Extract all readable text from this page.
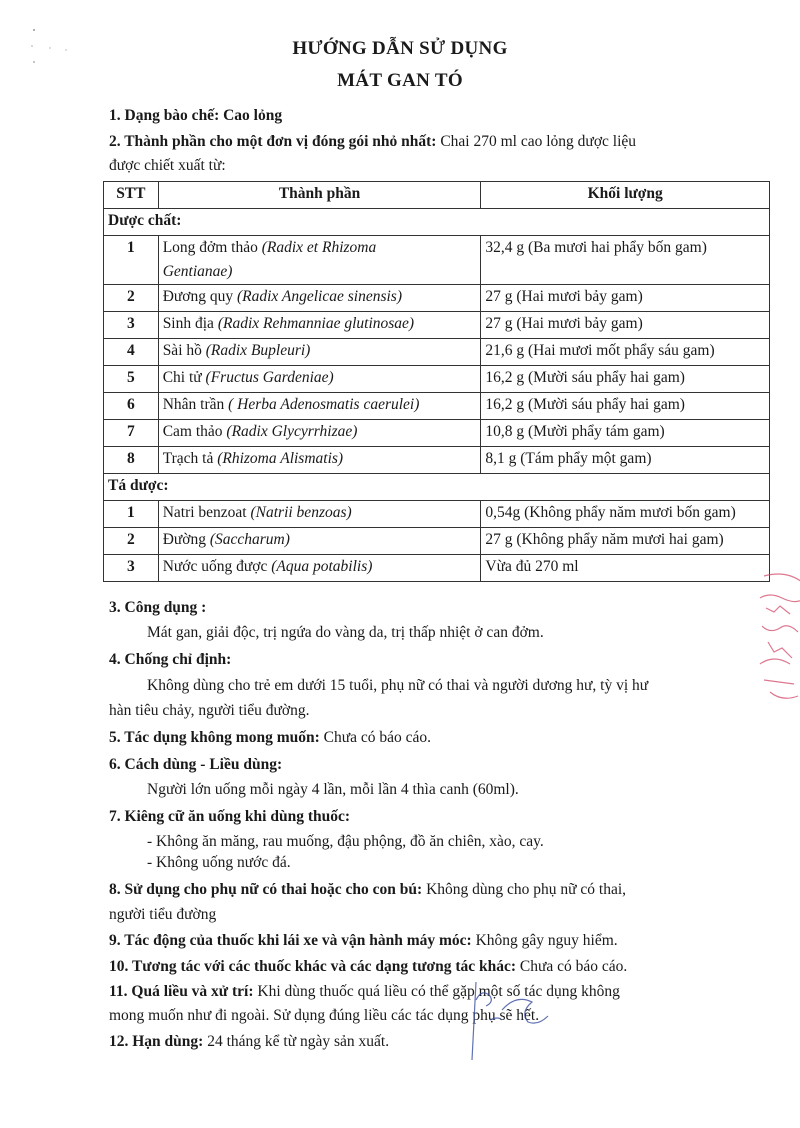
HƯỚNG DẪN SỬ DỤNG
MÁT GAN TÓ
1. Dạng bào chế: Cao lỏng
2. Thành phần cho một đơn vị đóng gói nhỏ nhất: Chai 270 ml cao lỏng dược liệu
được chiết xuất từ:
STT	Thành phần	Khối lượng
Dược chất:		
1	Long đởm thảo (Radix et Rhizoma
Gentianae)	32,4 g (Ba mươi hai phẩy bốn gam)
2	Đương quy (Radix Angelicae sinensis)	27 g (Hai mươi bảy gam)
3	Sinh địa (Radix Rehmanniae glutinosae)	27 g (Hai mươi bảy gam)
4	Sài hồ (Radix Bupleuri)	21,6 g (Hai mươi mốt phẩy sáu gam)
5	Chi tử (Fructus Gardeniae)	16,2 g (Mười sáu phẩy hai gam)
6	Nhân trần ( Herba Adenosmatis caerulei)	16,2 g (Mười sáu phẩy hai gam)
7	Cam thảo (Radix Glycyrrhizae)	10,8 g (Mười phẩy tám gam)
8	Trạch tả (Rhizoma Alismatis)	8,1 g (Tám phẩy một gam)
Tá dược:		
1	Natri benzoat (Natrii benzoas)	0,54g (Không phẩy năm mươi bốn gam)
2	Đường (Saccharum)	27 g (Không phẩy năm mươi hai gam)
3	Nước uống được (Aqua potabilis)	Vừa đủ 270 ml
3. Công dụng :
Mát gan, giải độc, trị ngứa do vàng da, trị thấp nhiệt ở can đởm.
4. Chống chỉ định:
Không dùng cho trẻ em dưới 15 tuổi, phụ nữ có thai và người dương hư, tỳ vị hư
hàn tiêu chảy, người tiểu đường.
5. Tác dụng không mong muốn: Chưa có báo cáo.
6. Cách dùng - Liều dùng:
Người lớn uống mỗi ngày 4 lần, mỗi lần 4 thìa canh (60ml).
7. Kiêng cữ ăn uống khi dùng thuốc:
- Không ăn măng, rau muống, đậu phộng, đồ ăn chiên, xào, cay.
- Không uống nước đá.
8. Sử dụng cho phụ nữ có thai hoặc cho con bú: Không dùng cho phụ nữ có thai,
người tiểu đường
9. Tác động của thuốc khi lái xe và vận hành máy móc: Không gây nguy hiểm.
10. Tương tác với các thuốc khác và các dạng tương tác khác: Chưa có báo cáo.
11. Quá liều và xử trí: Khi dùng thuốc quá liều có thể gặp một số tác dụng không
mong muốn như đi ngoài. Sử dụng đúng liều các tác dụng phụ sẽ hết.
12. Hạn dùng: 24 tháng kể từ ngày sản xuất.
